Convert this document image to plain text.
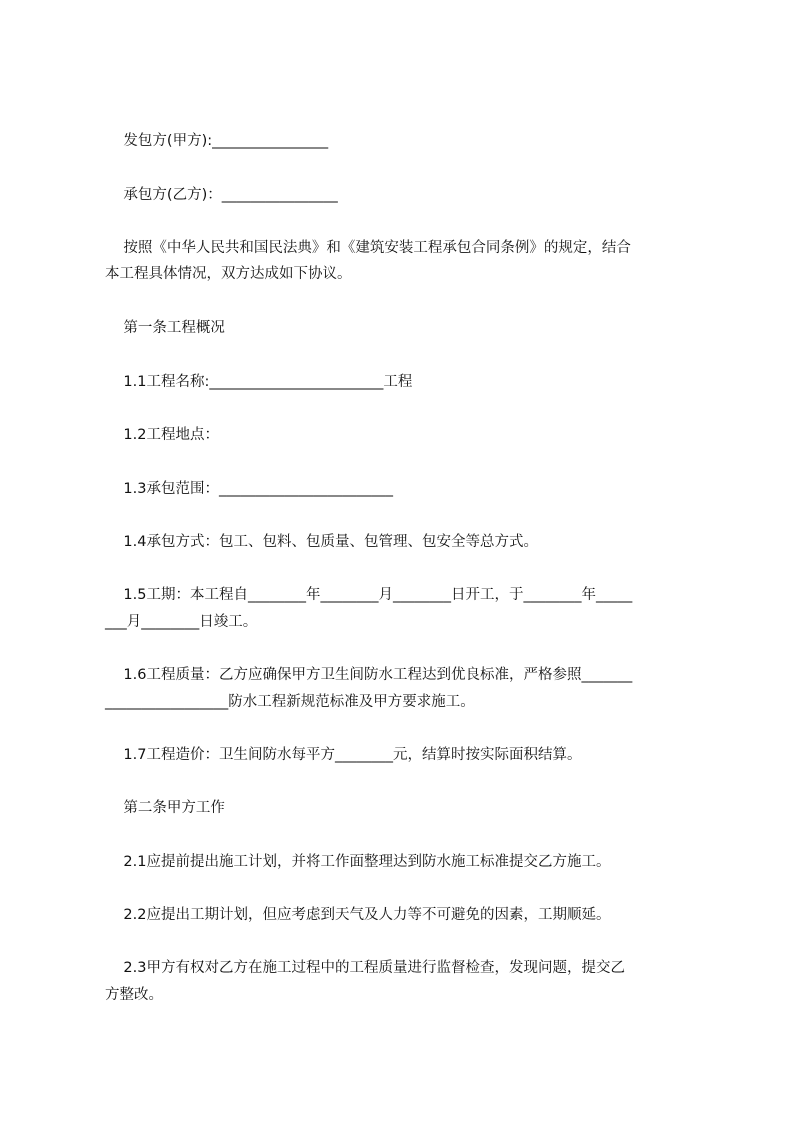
发包方(甲方):________________
承包方(乙方)：________________
按照《中华人民共和国民法典》和《建筑安装工程承包合同条例》的规定，结合
本工程具体情况，双方达成如下协议。
第一条工程概况
1.1工程名称:________________________工程
1.2工程地点：
1.3承包范围：________________________
1.4承包方式：包工、包料、包质量、包管理、包安全等总方式。
1.5工期：本工程自________年________月________日开工，于________年_____
___月________日竣工。
1.6工程质量：乙方应确保甲方卫生间防水工程达到优良标准，严格参照_______
_________________防水工程新规范标准及甲方要求施工。
1.7工程造价：卫生间防水每平方________元，结算时按实际面积结算。
第二条甲方工作
2.1应提前提出施工计划，并将工作面整理达到防水施工标准提交乙方施工。
2.2应提出工期计划，但应考虑到天气及人力等不可避免的因素，工期顺延。
2.3甲方有权对乙方在施工过程中的工程质量进行监督检查，发现问题，提交乙
方整改。
